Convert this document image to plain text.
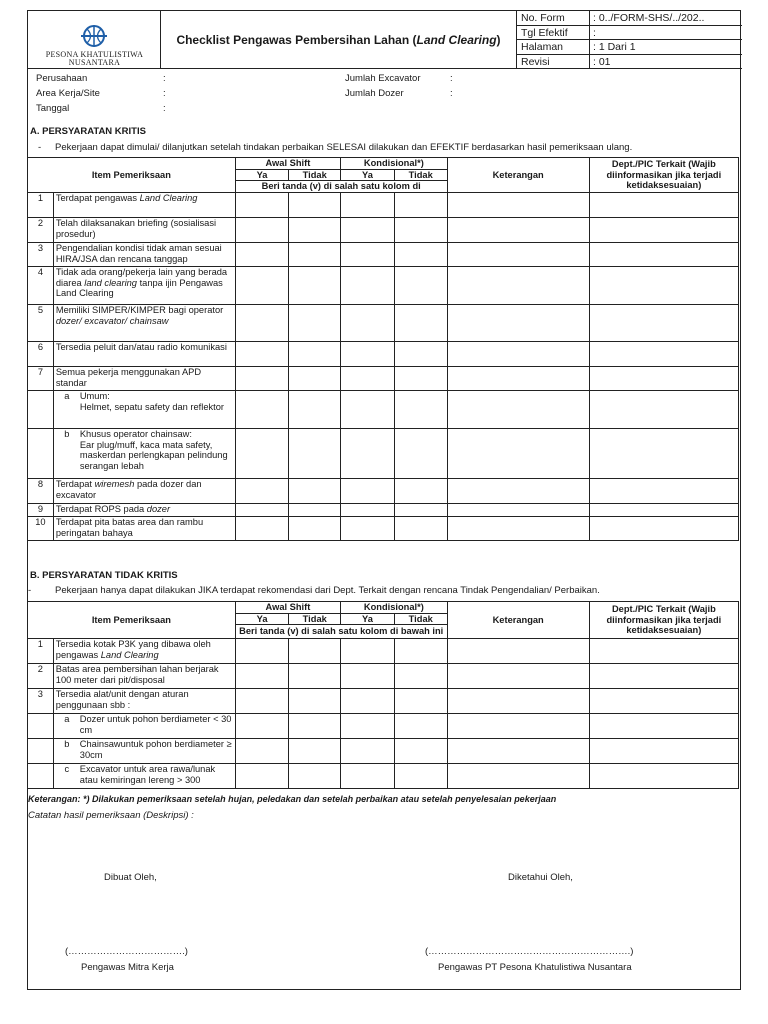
PESONA KHATULISTIWA
NUSANTARA
Checklist Pengawas Pembersihan Lahan ( Land Clearing )
No. Form	: 0../FORM-SHS/../202..
Tgl Efektif :
Halaman	: 1 Dari 1
Revisi	: 01
Perusahaan	:
Area Kerja/Site	:
Tanggal	:
Jumlah Excavator	:
Jumlah Dozer	:
A. PERSYARATAN KRITIS
- Pekerjaan dapat dimulai/ dilanjutkan setelah tindakan perbaikan SELESAI dilakukan dan EFEKTIF berdasarkan hasil pemeriksaan ulang.
Item Pemeriksaan		Awal Shift		Kondisional*)		Keterangan	Dept./PIC Terkait (Wajib diinformasikan jika terjadi ketidaksesuaian)
		Ya	Tidak	Ya	Tidak		
		Beri tanda (v) di salah satu kolom di					
1	Terdapat pengawas Land Clearing						
2	Telah dilaksanakan briefing (sosialisasi prosedur)						
3	Pengendalian kondisi tidak aman sesuai HIRA/JSA dan rencana tanggap						
4	Tidak ada orang/pekerja lain yang berada diarea land clearing tanpa ijin Pengawas Land Clearing						
5	Memiliki SIMPER/KIMPER bagi operator
dozer/ excavator/ chainsaw						
6	Tersedia peluit dan/atau radio komunikasi						
7	Semua pekerja menggunakan APD standar						

	a Umum:
Helmet, sepatu safety dan reflektor						

	b Khusus operator chainsaw:
Ear plug/muff, kaca mata safety, maskerdan perlengkapan pelindung serangan lebah						

8	Terdapat wiremesh pada dozer dan excavator						
9	Terdapat ROPS pada dozer						
10	Terdapat pita batas area dan rambu peringatan bahaya						
B. PERSYARATAN TIDAK KRITIS
-	Pekerjaan hanya dapat dilakukan JIKA terdapat rekomendasi dari Dept. Terkait dengan rencana Tindak Pengendalian/ Perbaikan.
Item Pemeriksaan		Awal Shift		Kondisional*)		Keterangan	Dept./PIC Terkait (Wajib diinformasikan jika terjadi ketidaksesuaian)
		Ya	Tidak	Ya	Tidak		
		Beri tanda (v) di salah satu kolom di bawah ini					
1	Tersedia kotak P3K yang dibawa oleh pengawas Land Clearing						
2	Batas area pembersihan lahan berjarak 100 meter dari pit/disposal						
3	Tersedia alat/unit dengan aturan penggunaan sbb :						

	a Dozer untuk pohon berdiameter < 30 cm						

	b Chainsawuntuk pohon berdiameter ≥ 30cm						

	c Excavator untuk area rawa/lunak atau kemiringan lereng > 300						

Keterangan: *) Dilakukan pemeriksaan setelah hujan, peledakan dan setelah perbaikan atau setelah penyelesaian pekerjaan
Catatan hasil pemeriksaan (Deskripsi) :
Dibuat Oleh,	Diketahui Oleh,
(……………………………….)	(……………………………………………………….)
Pengawas Mitra Kerja	Pengawas PT Pesona Khatulistiwa Nusantara
